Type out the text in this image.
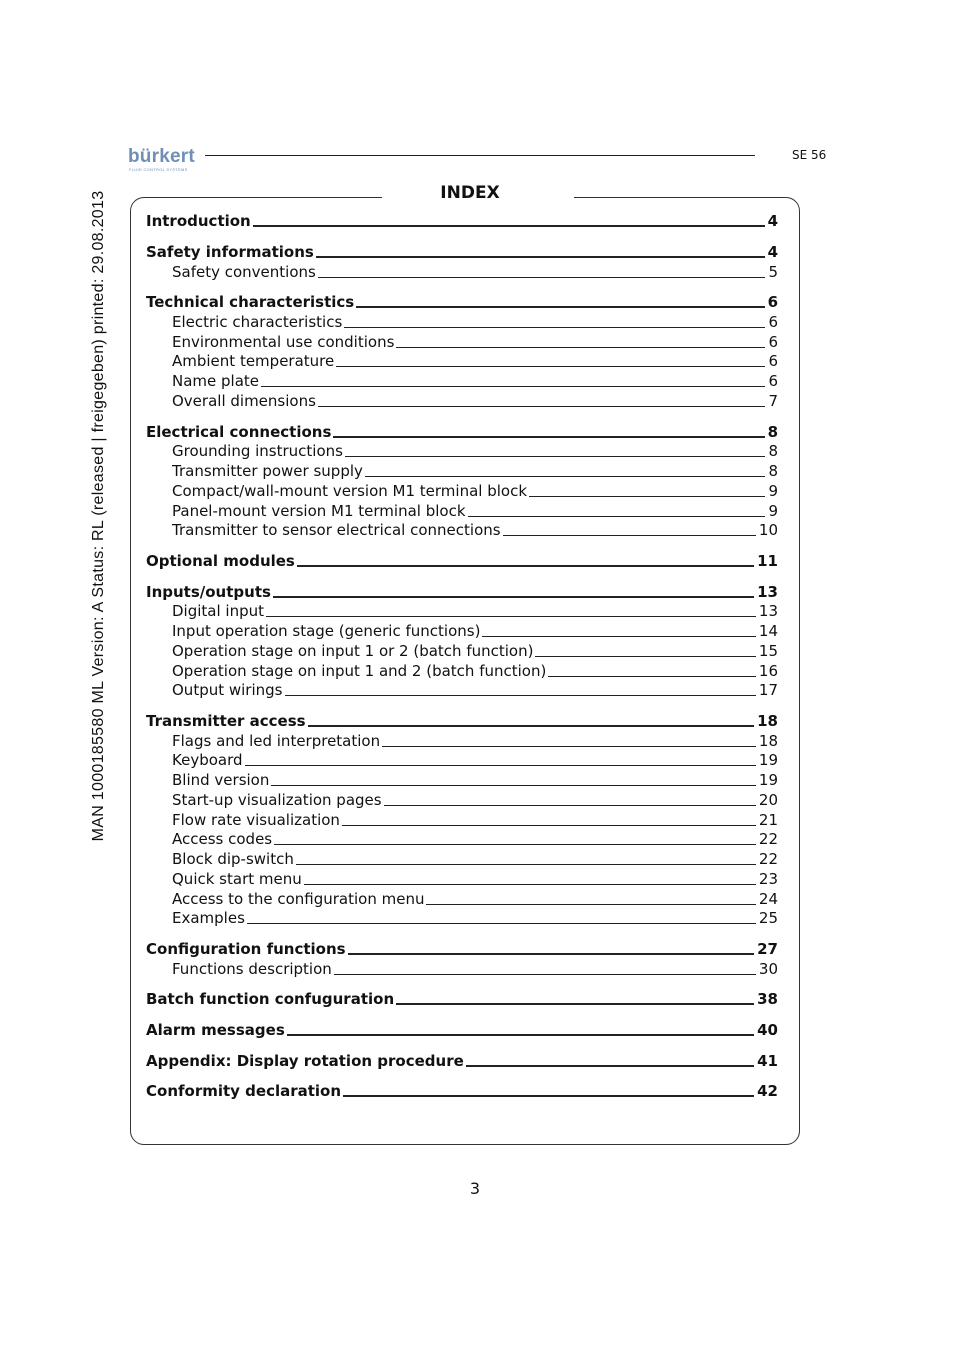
MAN 1000185580 ML Version: A Status: RL (released | freigegeben) printed: 29.08.2013
bürkert
FLUID CONTROL SYSTEMS
SE 56
INDEX
Introduction	4
Safety informations	4
Safety conventions	5
Technical characteristics	6
Electric characteristics	6
Environmental use conditions	6
Ambient temperature	6
Name plate	6
Overall dimensions	7
Electrical connections	8
Grounding instructions	8
Transmitter power supply	8
Compact/wall-mount version M1 terminal block	9
Panel-mount version M1 terminal block	9
Transmitter to sensor electrical connections	10
Optional modules	11
Inputs/outputs	13
Digital input	13
Input operation stage (generic functions)	14
Operation stage on input 1 or 2 (batch function)	15
Operation stage on input 1 and 2 (batch function)	16
Output wirings	17
Transmitter access	18
Flags and led interpretation	18
Keyboard	19
Blind version	19
Start-up visualization pages	20
Flow rate visualization	21
Access codes	22
Block dip-switch	22
Quick start menu	23
Access to the configuration menu	24
Examples	25
Configuration functions	27
Functions description	30
Batch function confuguration	38
Alarm messages	40
Appendix: Display rotation procedure	41
Conformity declaration	42
3
